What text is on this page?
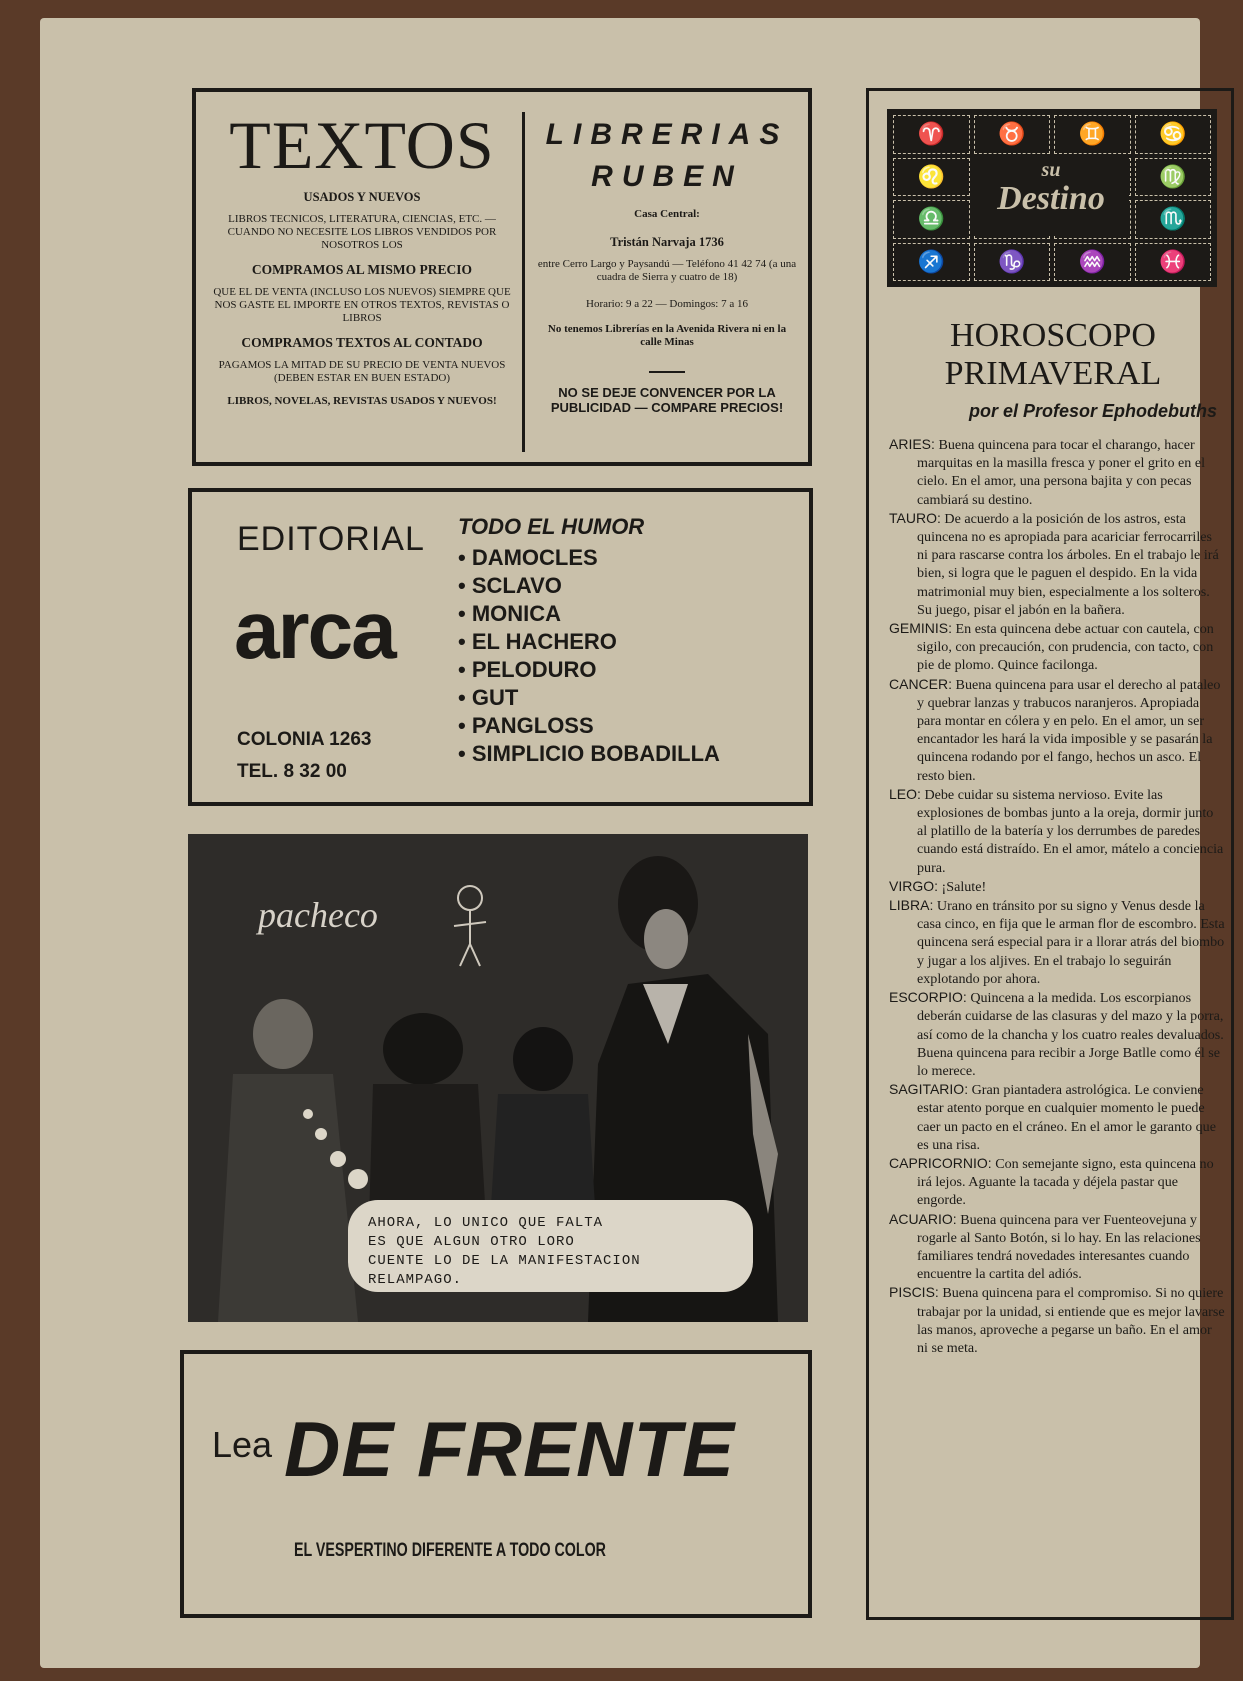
TEXTOS
USADOS Y NUEVOS
LIBROS TECNICOS, LITERATURA, CIENCIAS, ETC. — CUANDO NO NECESITE LOS LIBROS VENDIDOS POR NOSOTROS LOS
COMPRAMOS AL MISMO PRECIO
QUE EL DE VENTA (INCLUSO LOS NUEVOS) SIEMPRE QUE NOS GASTE EL IMPORTE EN OTROS TEXTOS, REVISTAS O LIBROS
COMPRAMOS TEXTOS AL CONTADO
PAGAMOS LA MITAD DE SU PRECIO DE VENTA NUEVOS (DEBEN ESTAR EN BUEN ESTADO)
LIBROS, NOVELAS, REVISTAS USADOS Y NUEVOS!
LIBRERIAS
RUBEN
Casa Central:
Tristán Narvaja 1736
entre Cerro Largo y Paysandú — Teléfono 41 42 74 (a una cuadra de Sierra y cuatro de 18)
Horario: 9 a 22 — Domingos: 7 a 16
No tenemos Librerías en la Avenida Rivera ni en la calle Minas
NO SE DEJE CONVENCER POR LA PUBLICIDAD — COMPARE PRECIOS!
EDITORIAL
arca
COLONIA 1263
TEL. 8 32 00
TODO EL HUMOR
• DAMOCLES
• SCLAVO
• MONICA
• EL HACHERO
• PELODURO
• GUT
• PANGLOSS
• SIMPLICIO BOBADILLA
pacheco
AHORA, LO UNICO QUE FALTA
ES QUE ALGUN OTRO LORO
CUENTE LO DE LA MANIFESTACION
RELAMPAGO.
Lea DE FRENTE
EL VESPERTINO DIFERENTE A TODO COLOR
♈	♉	♊	♋
♌	♍
♎	♏
♐	♑	♒	♓
su
Destino
HOROSCOPO
PRIMAVERAL
por el Profesor Ephodebuths

ARIES: Buena quincena para tocar el charango, hacer marquitas en la masilla fresca y poner el grito en el cielo. En el amor, una persona bajita y con pecas cambiará su destino.

TAURO: De acuerdo a la posición de los astros, esta quincena no es apropiada para acariciar ferrocarriles ni para rascarse contra los árboles. En el trabajo le irá bien, si logra que le paguen el despido. En la vida matrimonial muy bien, especialmente a los solteros. Su juego, pisar el jabón en la bañera.

GEMINIS: En esta quincena debe actuar con cautela, con sigilo, con precaución, con prudencia, con tacto, con pie de plomo. Quince facilonga.

CANCER: Buena quincena para usar el derecho al pataleo y quebrar lanzas y trabucos naranjeros. Apropiada para montar en cólera y en pelo. En el amor, un ser encantador les hará la vida imposible y se pasarán la quincena rodando por el fango, hechos un asco. El resto bien.

LEO: Debe cuidar su sistema nervioso. Evite las explosiones de bombas junto a la oreja, dormir junto al platillo de la batería y los derrumbes de paredes cuando está distraído. En el amor, mátelo a conciencia pura.

VIRGO: ¡Salute!

LIBRA: Urano en tránsito por su signo y Venus desde la casa cinco, en fija que le arman flor de escombro. Esta quincena será especial para ir a llorar atrás del biombo y jugar a los aljives. En el trabajo lo seguirán explotando por ahora.

ESCORPIO: Quincena a la medida. Los escorpianos deberán cuidarse de las clasuras y del mazo y la porra, así como de la chancha y los cuatro reales devaluados. Buena quincena para recibir a Jorge Batlle como él se lo merece.

SAGITARIO: Gran piantadera astrológica. Le conviene estar atento porque en cualquier momento le puede caer un pacto en el cráneo. En el amor le garanto que es una risa.

CAPRICORNIO: Con semejante signo, esta quincena no irá lejos. Aguante la tacada y déjela pastar que engorde.

ACUARIO: Buena quincena para ver Fuenteovejuna y rogarle al Santo Botón, si lo hay. En las relaciones familiares tendrá novedades interesantes cuando encuentre la cartita del adiós.

PISCIS: Buena quincena para el compromiso. Si no quiere trabajar por la unidad, si entiende que es mejor lavarse las manos, aproveche a pegarse un baño. En el amor ni se meta.
